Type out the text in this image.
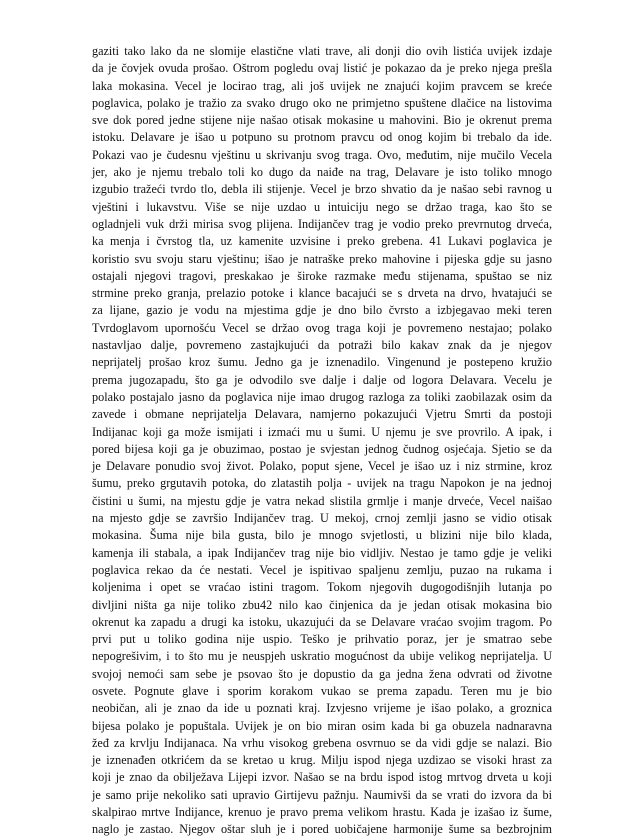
gaziti tako lako da ne slomije elastične vlati trave, ali donji dio ovih listića uvijek izdaje
da je čovjek ovuda prošao. Oštrom pogledu ovaj listić je pokazao da je preko njega prešla
laka mokasina. Vecel je locirao trag, ali još uvijek ne znajući kojim pravcem se kreće
poglavica, polako je tražio za svako drugo oko ne primjetno spuštene dlačice na listovima
sve dok pored jedne stijene nije našao otisak mokasine u mahovini. Bio je okrenut prema
istoku. Delavare je išao u potpuno su protnom pravcu od onog kojim bi trebalo da ide.
Pokazi vao je čudesnu vještinu u skrivanju svog traga. Ovo, međutim, nije mučilo Vecela
jer, ako je njemu trebalo toli ko dugo da naiđe na trag, Delavare je isto toliko mnogo
izgubio tražeći tvrdo tlo, debla ili stijenje. Vecel je brzo shvatio da je našao sebi ravnog u
vještini i lukavstvu. Više se nije uzdao u intuiciju nego se držao traga, kao što se
ogladnjeli vuk drži mirisa svog plijena. Indijančev trag je vodio preko prevrnutog drveća,
ka menja i čvrstog tla, uz kamenite uzvisine i preko grebena. 41 Lukavi poglavica je
koristio svu svoju staru vještinu; išao je natraške preko mahovine i pijeska gdje su jasno
ostajali njegovi tragovi, preskakao je široke razmake među stijenama, spuštao se niz
strmine preko granja, prelazio potoke i klance bacajući se s drveta na drvo, hvatajući se
za lijane, gazio je vodu na mjestima gdje je dno bilo čvrsto a izbjegavao meki teren
Tvrdoglavom upornošću Vecel se držao ovog traga koji je povremeno nestajao; polako
nastavljao dalje, povremeno zastajkujući da potraži bilo kakav znak da je njegov
neprijatelj prošao kroz šumu. Jedno ga je iznenadilo. Vingenund je postepeno kružio
prema jugozapadu, što ga je odvodilo sve dalje i dalje od logora Delavara. Vecelu je
polako postajalo jasno da poglavica nije imao drugog razloga za toliki zaobilazak osim da
zavede i obmane neprijatelja Delavara, namjerno pokazujući Vjetru Smrti da postoji
Indijanac koji ga može ismijati i izmaći mu u šumi. U njemu je sve provrilo. A ipak, i
pored bijesa koji ga je obuzimao, postao je svjestan jednog čudnog osjećaja. Sjetio se da
je Delavare ponudio svoj život. Polako, poput sjene, Vecel je išao uz i niz strmine, kroz
šumu, preko grgutavih potoka, do zlatastih polja - uvijek na tragu Napokon je na jednoj
čistini u šumi, na mjestu gdje je vatra nekad slistila grmlje i manje drveće, Vecel naišao
na mjesto gdje se završio Indijančev trag. U mekoj, crnoj zemlji jasno se vidio otisak
mokasina. Šuma nije bila gusta, bilo je mnogo svjetlosti, u blizini nije bilo klada,
kamenja ili stabala, a ipak Indijančev trag nije bio vidljiv. Nestao je tamo gdje je veliki
poglavica rekao da će nestati. Vecel je ispitivao spaljenu zemlju, puzao na rukama i
koljenima i opet se vraćao istini tragom. Tokom njegovih dugogodišnjih lutanja po
divljini ništa ga nije toliko zbu42 nilo kao činjenica da je jedan otisak mokasina bio
okrenut ka zapadu a drugi ka istoku, ukazujući da se Delavare vraćao svojim tragom. Po
prvi put u toliko godina nije uspio. Teško je prihvatio poraz, jer je smatrao sebe
nepogrešivim, i to što mu je neuspjeh uskratio mogućnost da ubije velikog neprijatelja. U
svojoj nemoći sam sebe je psovao što je dopustio da ga jedna žena odvrati od životne
osvete. Pognute glave i sporim korakom vukao se prema zapadu. Teren mu je bio
neobičan, ali je znao da ide u poznati kraj. Izvjesno vrijeme je išao polako, a groznica
bijesa polako je popuštala. Uvijek je on bio miran osim kada bi ga obuzela nadnaravna
žeđ za krvlju Indijanaca. Na vrhu visokog grebena osvrnuo se da vidi gdje se nalazi. Bio
je iznenađen otkrićem da se kretao u krug. Milju ispod njega uzdizao se visoki hrast za
koji je znao da obilježava Lijepi izvor. Našao se na brdu ispod istog mrtvog drveta u koji
je samo prije nekoliko sati upravio Girtijevu pažnju. Naumivši da se vrati do izvora da bi
skalpirao mrtve Indijance, krenuo je pravo prema velikom hrastu. Kada je izašao iz šume,
naglo je zastao. Njegov oštar sluh je i pored uobičajene harmonije šume sa bezbrojnim
